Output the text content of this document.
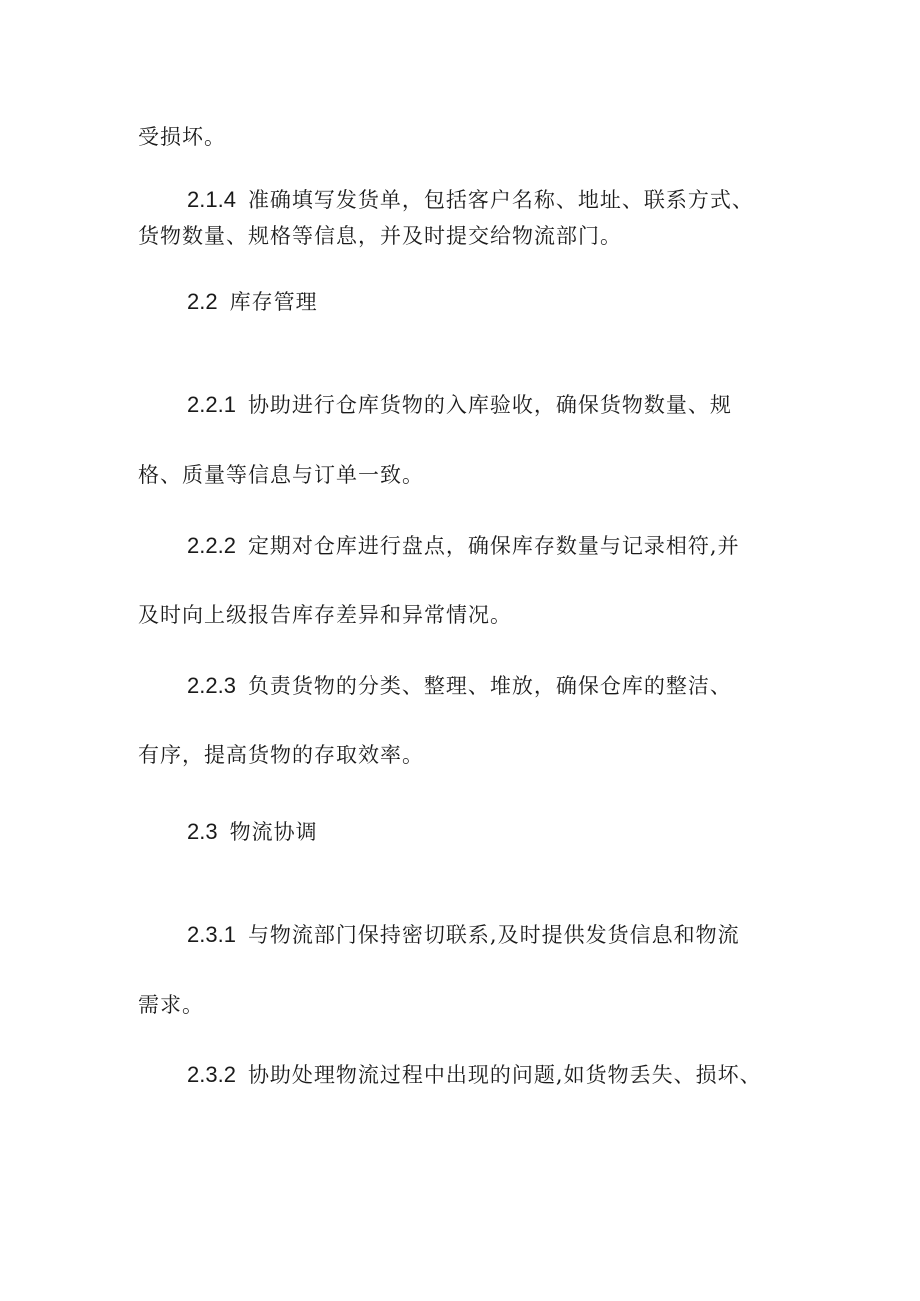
受损坏。
2.1.4 准确填写发货单，包括客户名称、地址、联系方式、
货物数量、规格等信息，并及时提交给物流部门。
2.2 库存管理
2.2.1 协助进行仓库货物的入库验收，确保货物数量、规
格、质量等信息与订单一致。
2.2.2 定期对仓库进行盘点，确保库存数量与记录相符,并
及时向上级报告库存差异和异常情况。
2.2.3 负责货物的分类、整理、堆放，确保仓库的整洁、
有序，提高货物的存取效率。
2.3 物流协调
2.3.1 与物流部门保持密切联系,及时提供发货信息和物流
需求。
2.3.2 协助处理物流过程中出现的问题,如货物丢失、损坏、
